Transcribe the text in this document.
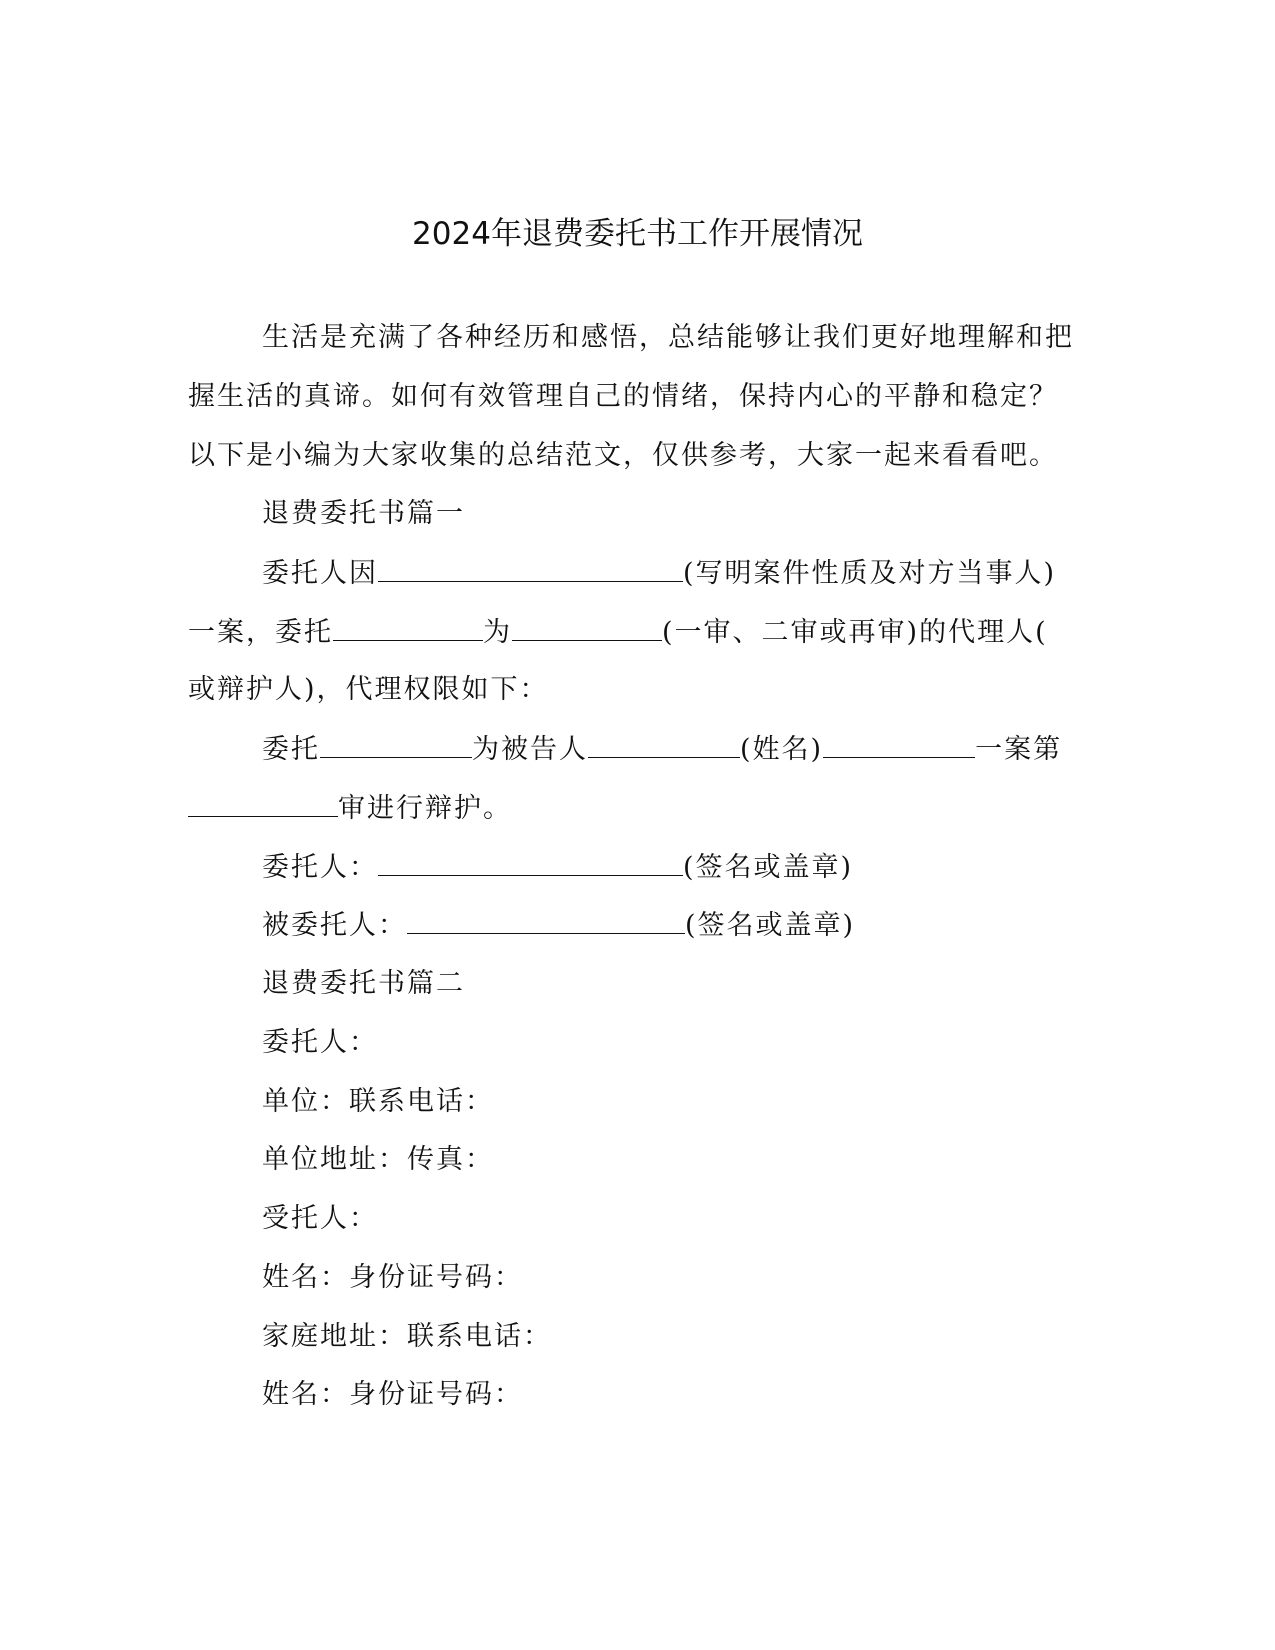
2024年退费委托书工作开展情况
生活是充满了各种经历和感悟，总结能够让我们更好地理解和把
握生活的真谛。如何有效管理自己的情绪，保持内心的平静和稳定？
以下是小编为大家收集的总结范文，仅供参考，大家一起来看看吧。
退费委托书篇一
委托人因	(写明案件性质及对方当事人)
一案，委托	为	(一审、二审或再审)的代理人(
或辩护人)，代理权限如下：
委托	为被告人	(姓名)	一案第
审进行辩护。
委托人：	(签名或盖章)
被委托人：	(签名或盖章)
退费委托书篇二
委托人：
单位：联系电话：
单位地址：传真：
受托人：
姓名：身份证号码：
家庭地址：联系电话：
姓名：身份证号码：
